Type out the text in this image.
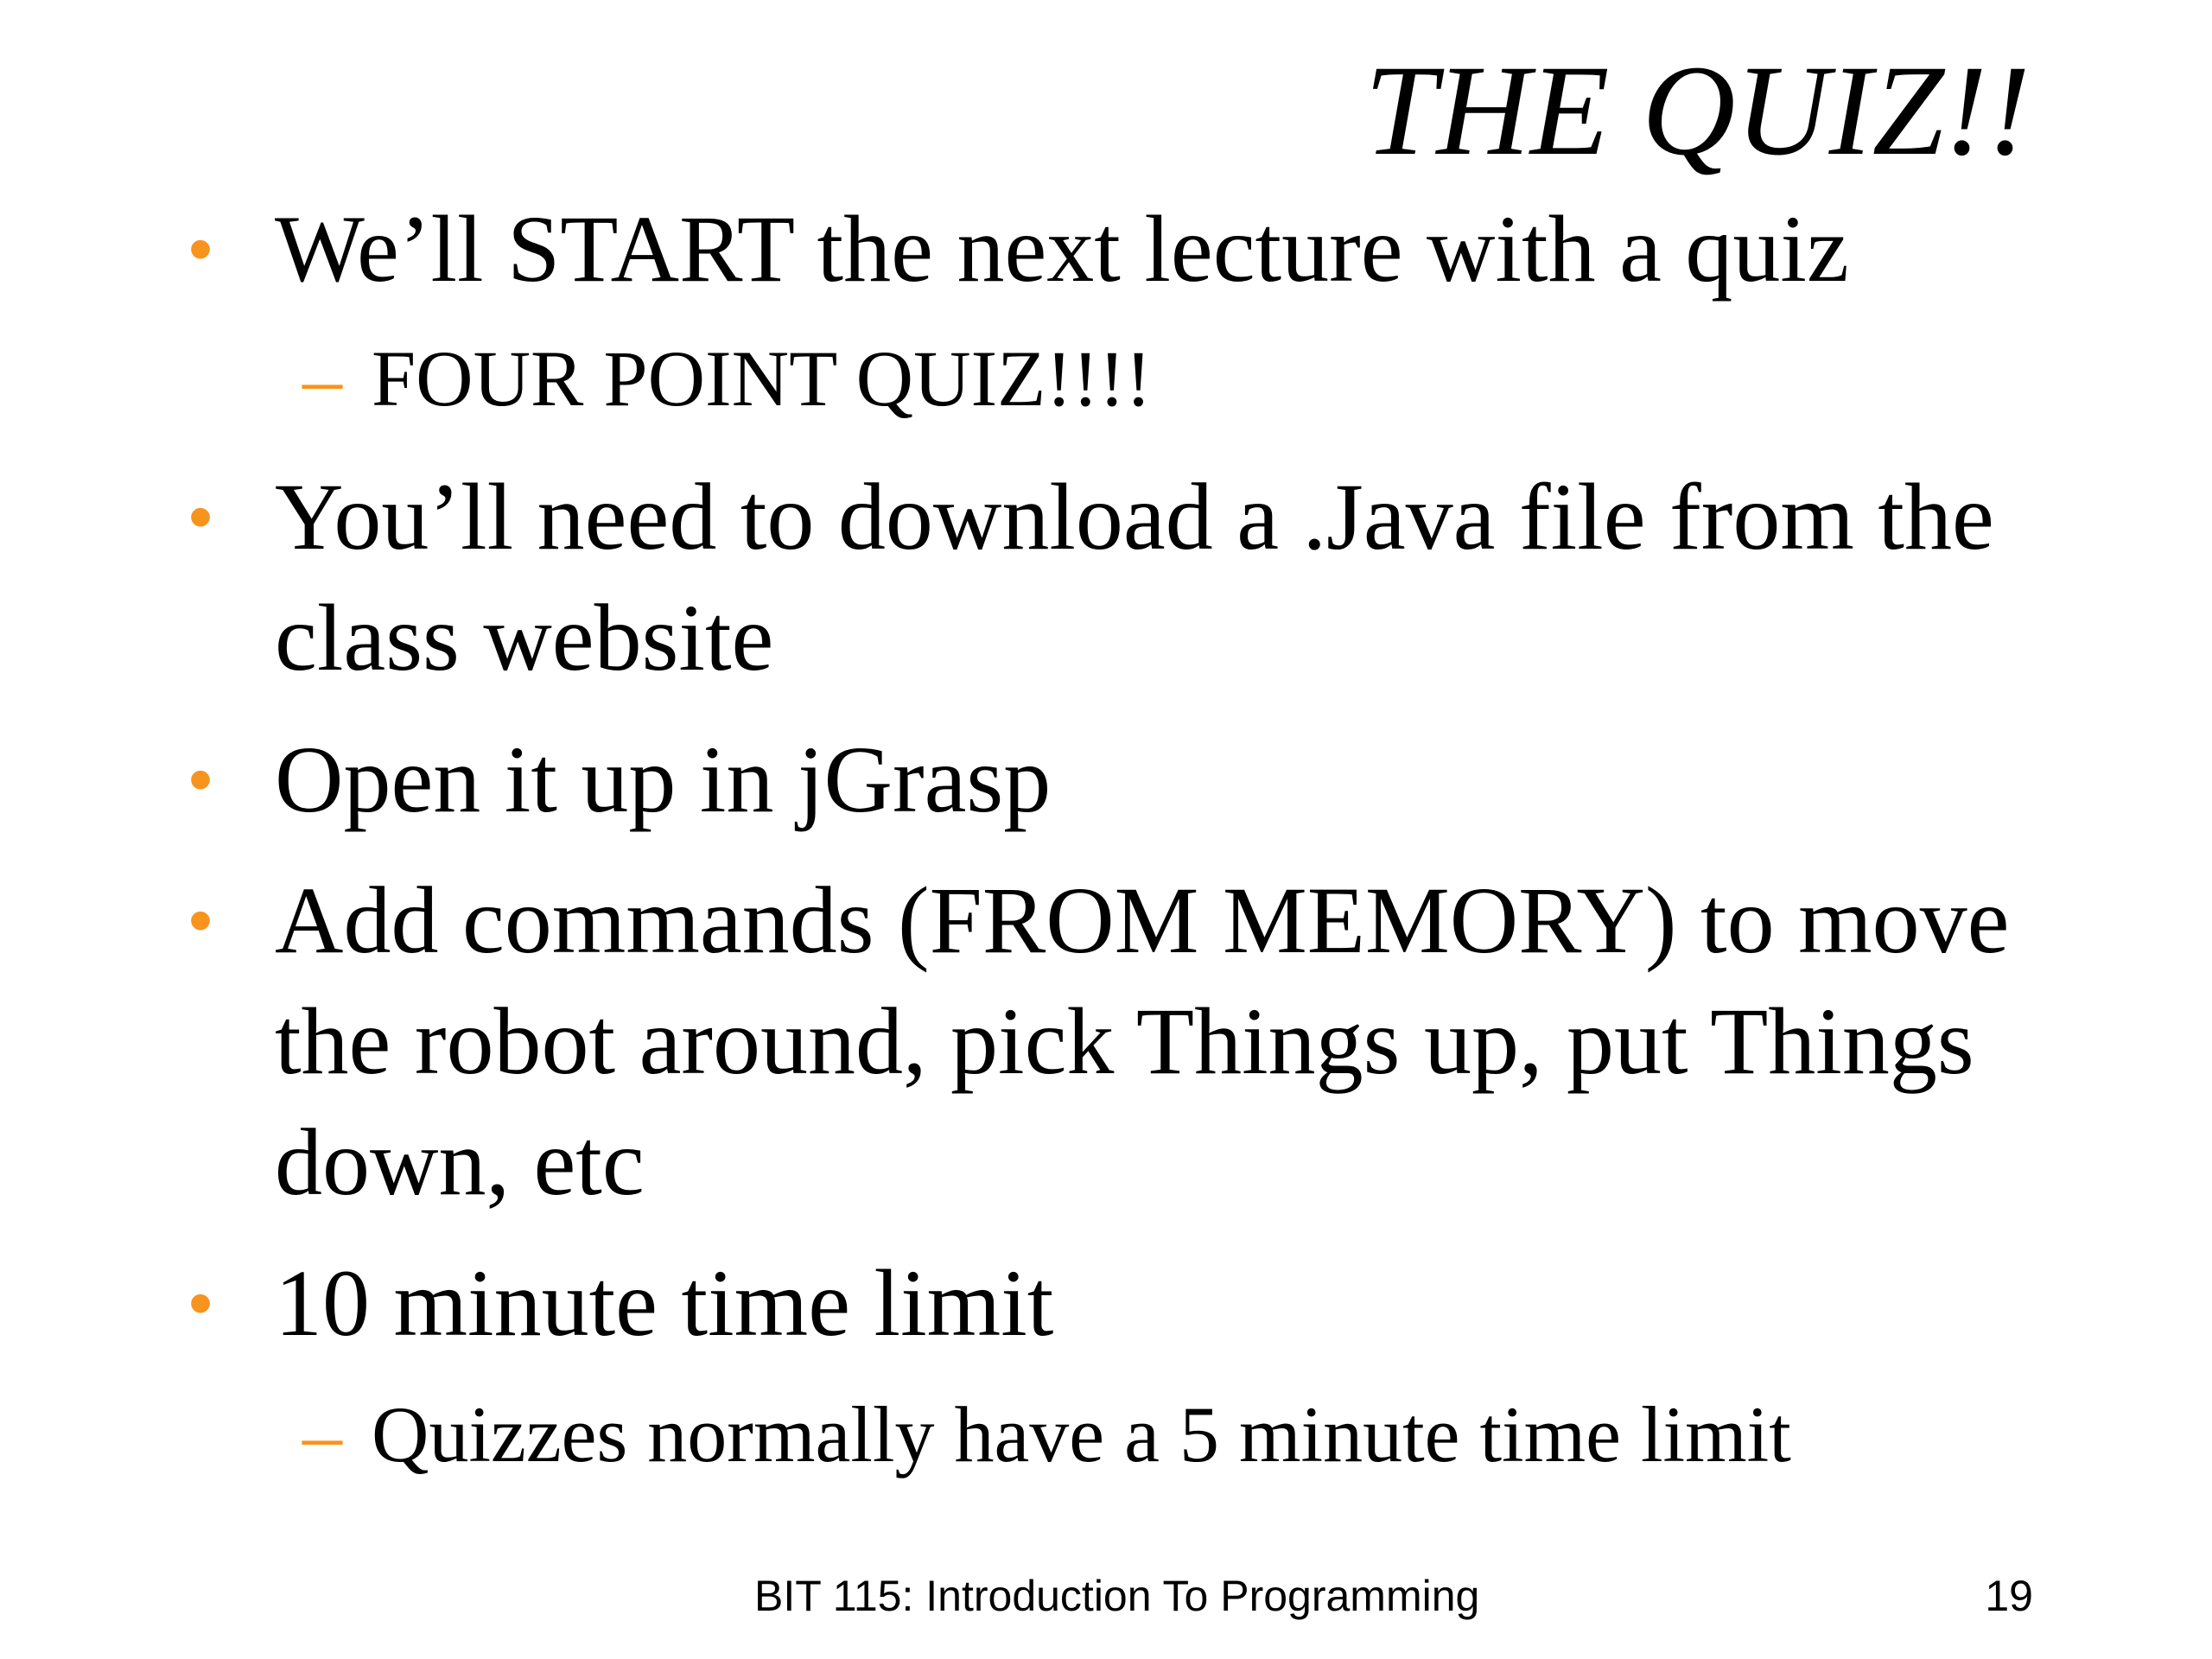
THE QUIZ!!
• We’ll START the next lecture with a quiz
– FOUR POINT QUIZ!!!!
• You’ll need to download a .Java file from the class website
• Open it up in jGrasp
• Add commands (FROM MEMORY) to move the robot around, pick Things up, put Things down, etc
• 10 minute time limit
– Quizzes normally have a 5 minute time limit
BIT 115: Introduction To Programming	19
